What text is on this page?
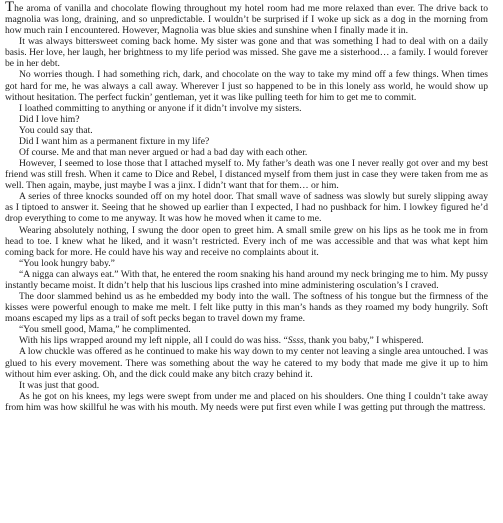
The aroma of vanilla and chocolate flowing throughout my hotel room had me more relaxed than ever. The drive back to magnolia was long, draining, and so unpredictable. I wouldn’t be surprised if I woke up sick as a dog in the morning from how much rain I encountered. However, Magnolia was blue skies and sunshine when I finally made it in.

It was always bittersweet coming back home. My sister was gone and that was something I had to deal with on a daily basis. Her love, her laugh, her brightness to my life period was missed. She gave me a sisterhood… a family. I would forever be in her debt.

No worries though. I had something rich, dark, and chocolate on the way to take my mind off a few things. When times got hard for me, he was always a call away. Wherever I just so happened to be in this lonely ass world, he would show up without hesitation. The perfect fuckin’ gentleman, yet it was like pulling teeth for him to get me to commit.

I loathed committing to anything or anyone if it didn’t involve my sisters.

Did I love him?

You could say that.

Did I want him as a permanent fixture in my life?

Of course. Me and that man never argued or had a bad day with each other.

However, I seemed to lose those that I attached myself to. My father’s death was one I never really got over and my best friend was still fresh. When it came to Dice and Rebel, I distanced myself from them just in case they were taken from me as well. Then again, maybe, just maybe I was a jinx. I didn’t want that for them… or him.

A series of three knocks sounded off on my hotel door. That small wave of sadness was slowly but surely slipping away as I tiptoed to answer it. Seeing that he showed up earlier than I expected, I had no pushback for him. I lowkey figured he’d drop everything to come to me anyway. It was how he moved when it came to me.

Wearing absolutely nothing, I swung the door open to greet him. A small smile grew on his lips as he took me in from head to toe. I knew what he liked, and it wasn’t restricted. Every inch of me was accessible and that was what kept him coming back for more. He could have his way and receive no complaints about it.

“You look hungry baby.”

“A nigga can always eat.” With that, he entered the room snaking his hand around my neck bringing me to him. My pussy instantly became moist. It didn’t help that his luscious lips crashed into mine administering osculation’s I craved.

The door slammed behind us as he embedded my body into the wall. The softness of his tongue but the firmness of the kisses were powerful enough to make me melt. I felt like putty in this man’s hands as they roamed my body hungrily. Soft moans escaped my lips as a trail of soft pecks began to travel down my frame.

“You smell good, Mama,” he complimented.

With his lips wrapped around my left nipple, all I could do was hiss. “Ssss, thank you baby,” I whispered.

A low chuckle was offered as he continued to make his way down to my center not leaving a single area untouched. I was glued to his every movement. There was something about the way he catered to my body that made me give it up to him without him ever asking. Oh, and the dick could make any bitch crazy behind it.

It was just that good.

As he got on his knees, my legs were swept from under me and placed on his shoulders. One thing I couldn’t take away from him was how skillful he was with his mouth. My needs were put first even while I was getting put through the mattress.
